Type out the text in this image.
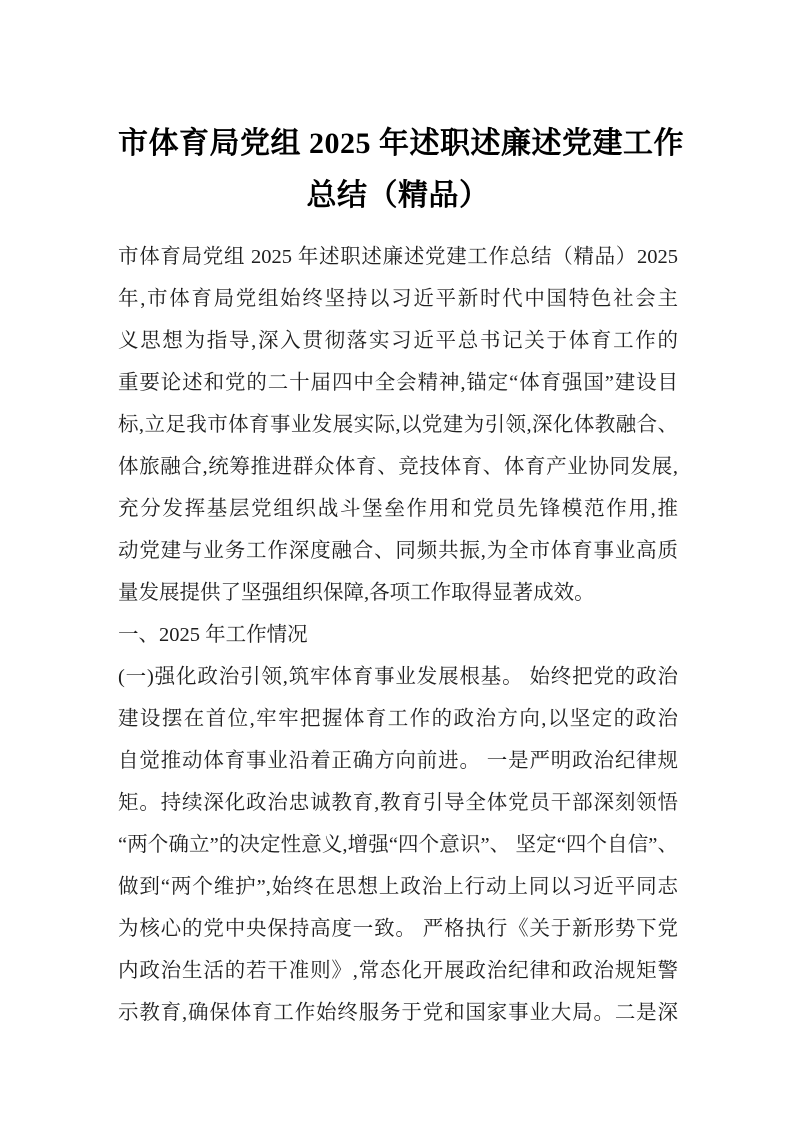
市体育局党组 2025 年述职述廉述党建工作
总结（精品）
市体育局党组 2025 年述职述廉述党建工作总结（精品）2025
年,市体育局党组始终坚持以习近平新时代中国特色社会主
义思想为指导,深入贯彻落实习近平总书记关于体育工作的
重要论述和党的二十届四中全会精神,锚定“体育强国”建设目
标,立足我市体育事业发展实际,以党建为引领,深化体教融合、
体旅融合,统筹推进群众体育、竞技体育、体育产业协同发展,
充分发挥基层党组织战斗堡垒作用和党员先锋模范作用,推
动党建与业务工作深度融合、同频共振,为全市体育事业高质
量发展提供了坚强组织保障,各项工作取得显著成效。
一、2025 年工作情况
(一)强化政治引领,筑牢体育事业发展根基。 始终把党的政治
建设摆在首位,牢牢把握体育工作的政治方向,以坚定的政治
自觉推动体育事业沿着正确方向前进。 一是严明政治纪律规
矩。持续深化政治忠诚教育,教育引导全体党员干部深刻领悟
“两个确立”的决定性意义,增强“四个意识”、 坚定“四个自信”、
做到“两个维护”,始终在思想上政治上行动上同以习近平同志
为核心的党中央保持高度一致。 严格执行《关于新形势下党
内政治生活的若干准则》,常态化开展政治纪律和政治规矩警
示教育,确保体育工作始终服务于党和国家事业大局。二是深
